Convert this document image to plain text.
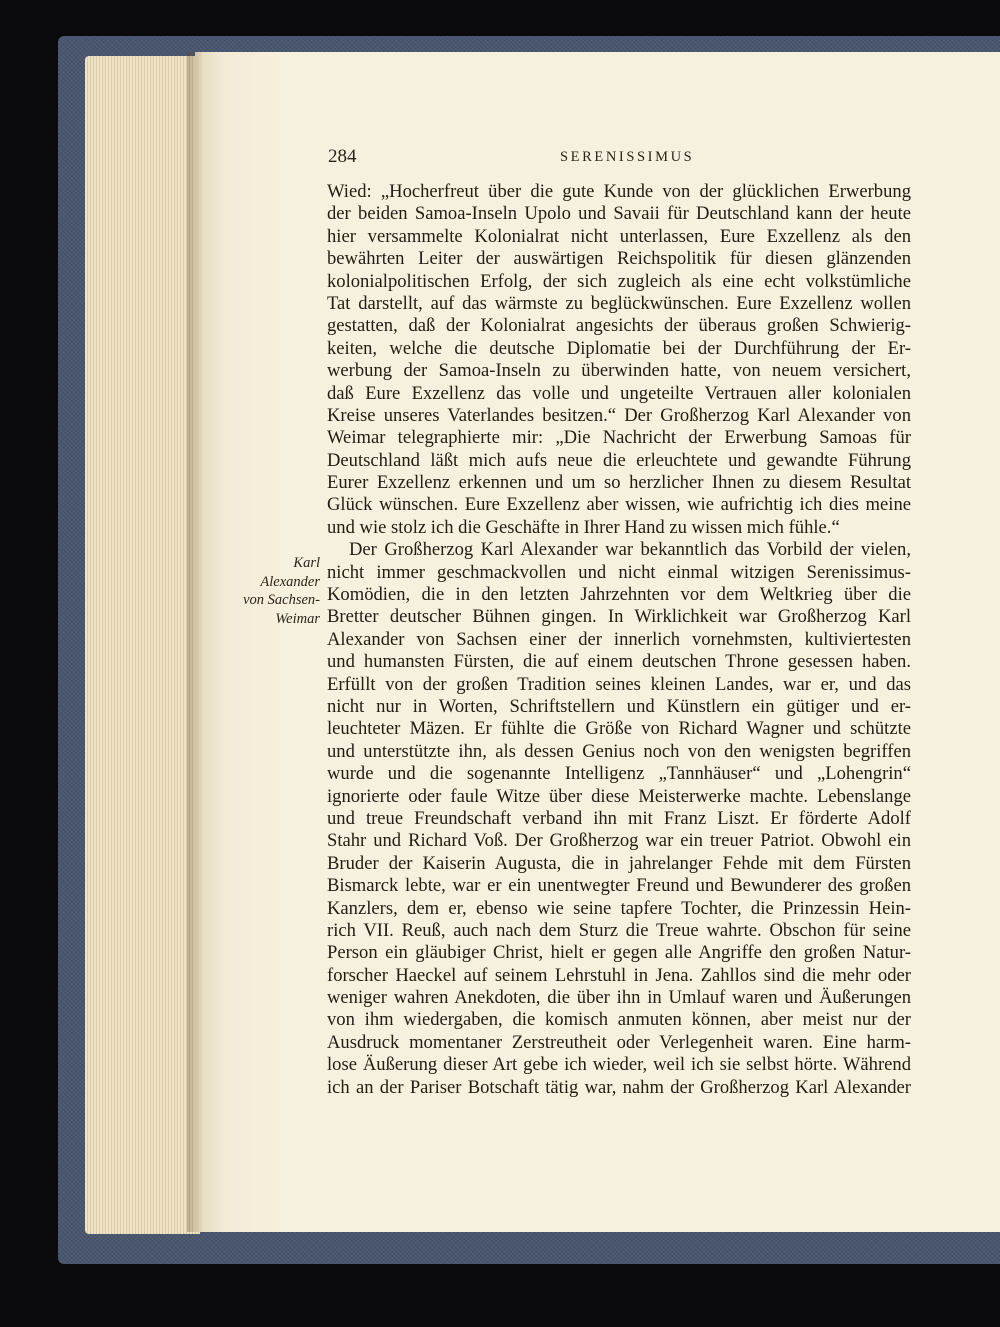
284	SERENISSIMUS
Karl
Alexander
von Sachsen-
Weimar
Wied: „Hocherfreut über die gute Kunde von der glücklichen Erwerbung
der beiden Samoa-Inseln Upolo und Savaii für Deutschland kann der heute
hier versammelte Kolonialrat nicht unterlassen, Eure Exzellenz als den
bewährten Leiter der auswärtigen Reichspolitik für diesen glänzenden
kolonialpolitischen Erfolg, der sich zugleich als eine echt volkstümliche
Tat darstellt, auf das wärmste zu beglückwünschen. Eure Exzellenz wollen
gestatten, daß der Kolonialrat angesichts der überaus großen Schwierig-
keiten, welche die deutsche Diplomatie bei der Durchführung der Er-
werbung der Samoa-Inseln zu überwinden hatte, von neuem versichert,
daß Eure Exzellenz das volle und ungeteilte Vertrauen aller kolonialen
Kreise unseres Vaterlandes besitzen.“ Der Großherzog Karl Alexander von
Weimar telegraphierte mir: „Die Nachricht der Erwerbung Samoas für
Deutschland läßt mich aufs neue die erleuchtete und gewandte Führung
Eurer Exzellenz erkennen und um so herzlicher Ihnen zu diesem Resultat
Glück wünschen. Eure Exzellenz aber wissen, wie aufrichtig ich dies meine
und wie stolz ich die Geschäfte in Ihrer Hand zu wissen mich fühle.“
Der Großherzog Karl Alexander war bekanntlich das Vorbild der vielen,
nicht immer geschmackvollen und nicht einmal witzigen Serenissimus-
Komödien, die in den letzten Jahrzehnten vor dem Weltkrieg über die
Bretter deutscher Bühnen gingen. In Wirklichkeit war Großherzog Karl
Alexander von Sachsen einer der innerlich vornehmsten, kultiviertesten
und humansten Fürsten, die auf einem deutschen Throne gesessen haben.
Erfüllt von der großen Tradition seines kleinen Landes, war er, und das
nicht nur in Worten, Schriftstellern und Künstlern ein gütiger und er-
leuchteter Mäzen. Er fühlte die Größe von Richard Wagner und schützte
und unterstützte ihn, als dessen Genius noch von den wenigsten begriffen
wurde und die sogenannte Intelligenz „Tannhäuser“ und „Lohengrin“
ignorierte oder faule Witze über diese Meisterwerke machte. Lebenslange
und treue Freundschaft verband ihn mit Franz Liszt. Er förderte Adolf
Stahr und Richard Voß. Der Großherzog war ein treuer Patriot. Obwohl ein
Bruder der Kaiserin Augusta, die in jahrelanger Fehde mit dem Fürsten
Bismarck lebte, war er ein unentwegter Freund und Bewunderer des großen
Kanzlers, dem er, ebenso wie seine tapfere Tochter, die Prinzessin Hein-
rich VII. Reuß, auch nach dem Sturz die Treue wahrte. Obschon für seine
Person ein gläubiger Christ, hielt er gegen alle Angriffe den großen Natur-
forscher Haeckel auf seinem Lehrstuhl in Jena. Zahllos sind die mehr oder
weniger wahren Anekdoten, die über ihn in Umlauf waren und Äußerungen
von ihm wiedergaben, die komisch anmuten können, aber meist nur der
Ausdruck momentaner Zerstreutheit oder Verlegenheit waren. Eine harm-
lose Äußerung dieser Art gebe ich wieder, weil ich sie selbst hörte. Während
ich an der Pariser Botschaft tätig war, nahm der Großherzog Karl Alexander
